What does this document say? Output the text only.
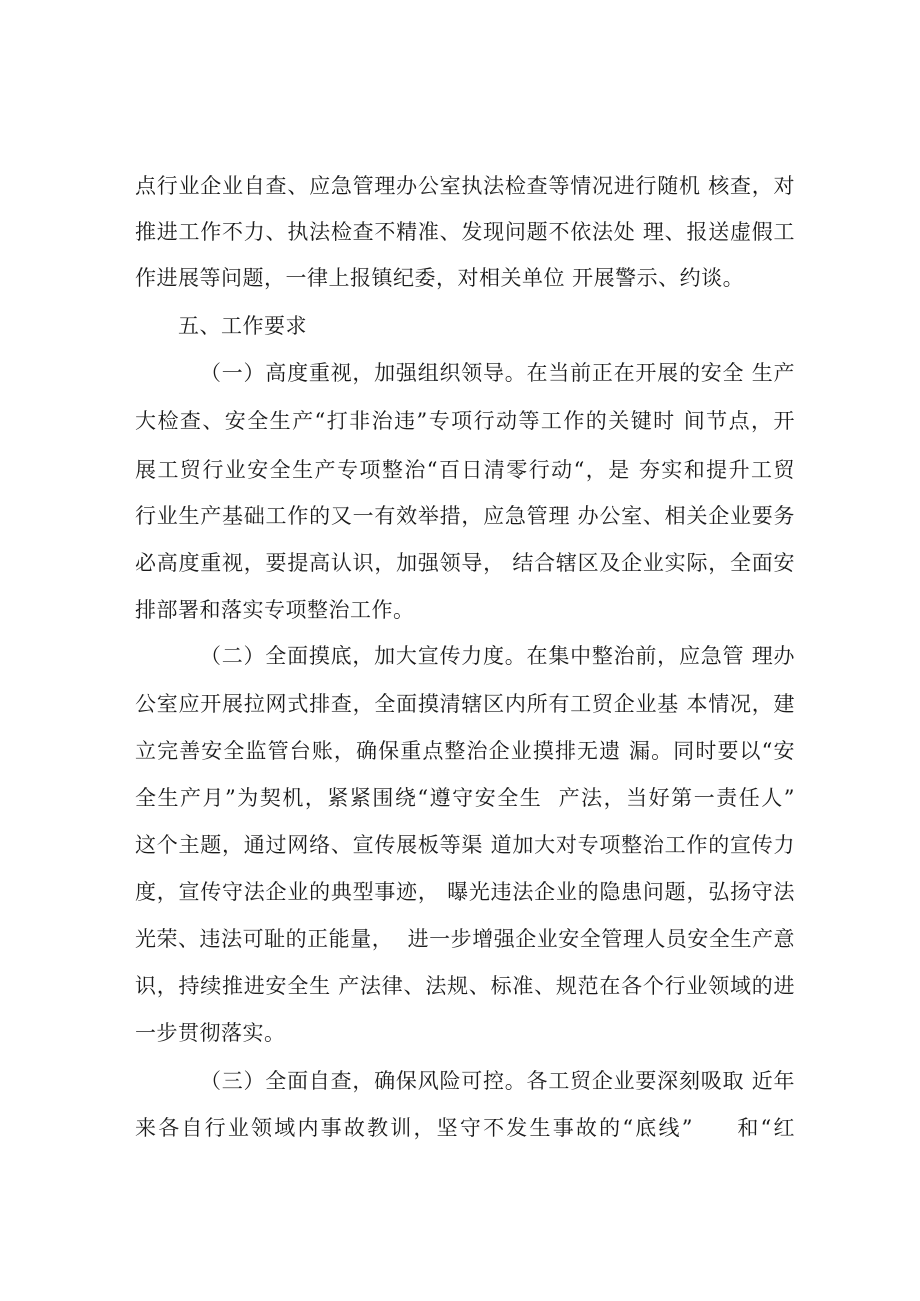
点行业企业自查、应急管理办公室执法检查等情况进行随机 核查，对
推进工作不力、执法检查不精准、发现问题不依法处 理、报送虚假工
作进展等问题，一律上报镇纪委，对相关单位 开展警示、约谈。
五、工作要求
（一）高度重视，加强组织领导。在当前正在开展的安全 生产
大检查、安全生产“打非治违”专项行动等工作的关键时 间节点，开
展工贸行业安全生产专项整治“百日清零行动“，是 夯实和提升工贸
行业生产基础工作的又一有效举措，应急管理 办公室、相关企业要务
必高度重视，要提高认识，加强领导， 结合辖区及企业实际，全面安
排部署和落实专项整治工作。
（二）全面摸底，加大宣传力度。在集中整治前，应急管 理办
公室应开展拉网式排查，全面摸清辖区内所有工贸企业基 本情况，建
立完善安全监管台账，确保重点整治企业摸排无遗 漏。同时要以“安
全生产月”为契机，紧紧围绕“遵守安全生  产法，当好第一责任人”
这个主题，通过网络、宣传展板等渠 道加大对专项整治工作的宣传力
度，宣传守法企业的典型事迹， 曝光违法企业的隐患问题，弘扬守法
光荣、违法可耻的正能量，  进一步增强企业安全管理人员安全生产意
识，持续推进安全生 产法律、法规、标准、规范在各个行业领域的进
一步贯彻落实。
（三）全面自查，确保风险可控。各工贸企业要深刻吸取 近年
来各自行业领域内事故教训，坚守不发生事故的“底线”     和“红
